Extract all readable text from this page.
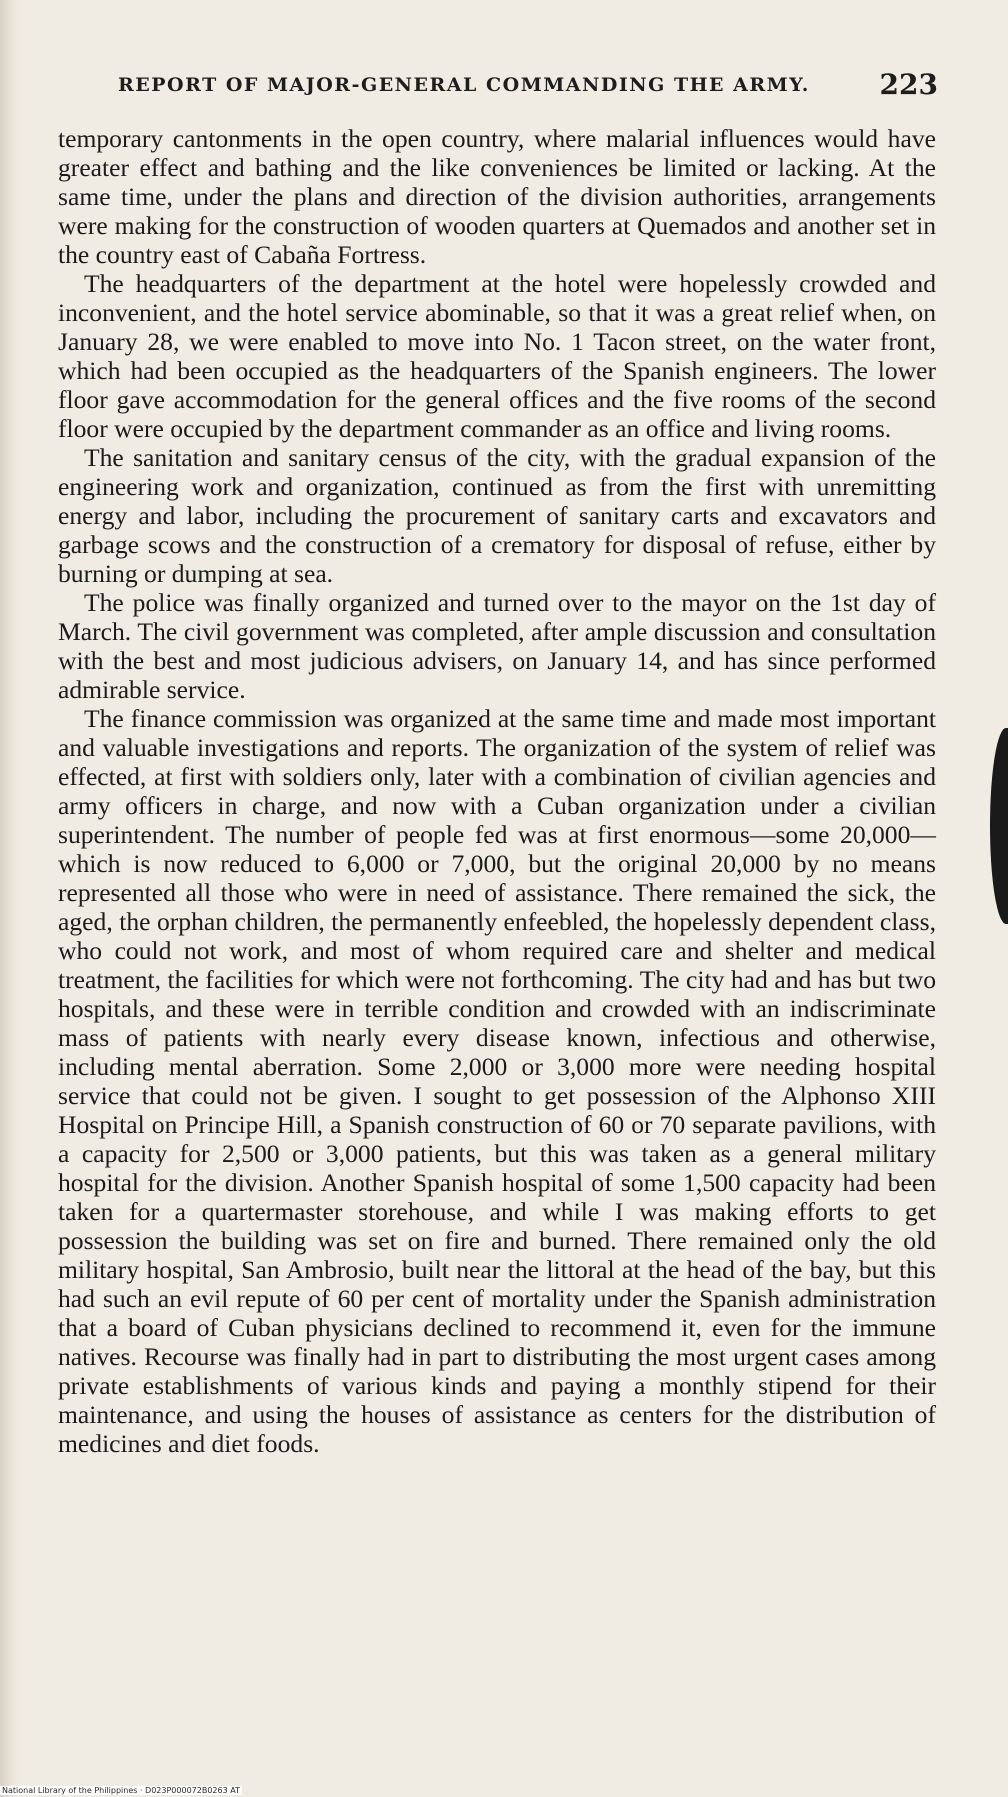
REPORT OF MAJOR-GENERAL COMMANDING THE ARMY. 223

temporary cantonments in the open country, where malarial influences would have greater effect and bathing and the like conveniences be limited or lacking. At the same time, under the plans and direction of the division authorities, arrangements were making for the construction of wooden quarters at Quemados and another set in the country east of Cabaña Fortress.

The headquarters of the department at the hotel were hopelessly crowded and inconvenient, and the hotel service abominable, so that it was a great relief when, on January 28, we were enabled to move into No. 1 Tacon street, on the water front, which had been occupied as the headquarters of the Spanish engineers. The lower floor gave accommodation for the general offices and the five rooms of the second floor were occupied by the department commander as an office and living rooms.

The sanitation and sanitary census of the city, with the gradual expansion of the engineering work and organization, continued as from the first with unremitting energy and labor, including the procurement of sanitary carts and excavators and garbage scows and the construction of a crematory for disposal of refuse, either by burning or dumping at sea.

The police was finally organized and turned over to the mayor on the 1st day of March. The civil government was completed, after ample discussion and consultation with the best and most judicious advisers, on January 14, and has since performed admirable service.

The finance commission was organized at the same time and made most important and valuable investigations and reports. The organization of the system of relief was effected, at first with soldiers only, later with a combination of civilian agencies and army officers in charge, and now with a Cuban organization under a civilian superintendent. The number of people fed was at first enormous—some 20,000—which is now reduced to 6,000 or 7,000, but the original 20,000 by no means represented all those who were in need of assistance. There remained the sick, the aged, the orphan children, the permanently enfeebled, the hopelessly dependent class, who could not work, and most of whom required care and shelter and medical treatment, the facilities for which were not forthcoming. The city had and has but two hospitals, and these were in terrible condition and crowded with an indiscriminate mass of patients with nearly every disease known, infectious and otherwise, including mental aberration. Some 2,000 or 3,000 more were needing hospital service that could not be given. I sought to get possession of the Alphonso XIII Hospital on Principe Hill, a Spanish construction of 60 or 70 separate pavilions, with a capacity for 2,500 or 3,000 patients, but this was taken as a general military hospital for the division. Another Spanish hospital of some 1,500 capacity had been taken for a quartermaster storehouse, and while I was making efforts to get possession the building was set on fire and burned. There remained only the old military hospital, San Ambrosio, built near the littoral at the head of the bay, but this had such an evil repute of 60 per cent of mortality under the Spanish administration that a board of Cuban physicians declined to recommend it, even for the immune natives. Recourse was finally had in part to distributing the most urgent cases among private establishments of various kinds and paying a monthly stipend for their maintenance, and using the houses of assistance as centers for the distribution of medicines and diet foods.

National Library of the Philippines · D023P000072B0263 AT
